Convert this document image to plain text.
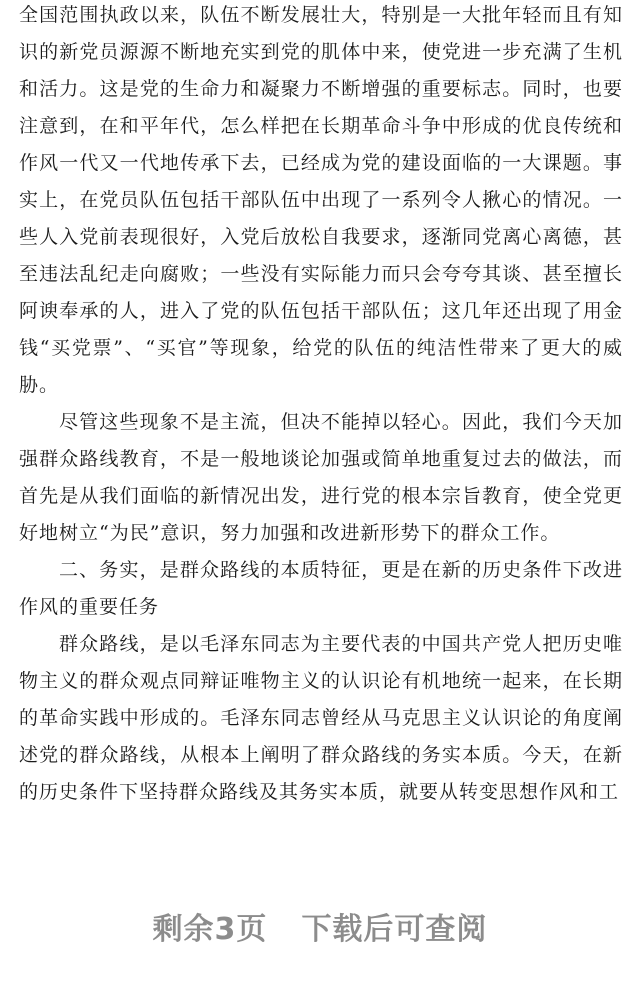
全国范围执政以来，队伍不断发展壮大，特别是一大批年轻而且有知识的新党员源源不断地充实到党的肌体中来，使党进一步充满了生机和活力。这是党的生命力和凝聚力不断增强的重要标志。同时，也要注意到，在和平年代，怎么样把在长期革命斗争中形成的优良传统和作风一代又一代地传承下去，已经成为党的建设面临的一大课题。事实上，在党员队伍包括干部队伍中出现了一系列令人揪心的情况。一些人入党前表现很好，入党后放松自我要求，逐渐同党离心离德，甚至违法乱纪走向腐败；一些没有实际能力而只会夸夸其谈、甚至擅长阿谀奉承的人，进入了党的队伍包括干部队伍；这几年还出现了用金钱“买党票”、“买官”等现象，给党的队伍的纯洁性带来了更大的威胁。

尽管这些现象不是主流，但决不能掉以轻心。因此，我们今天加强群众路线教育，不是一般地谈论加强或简单地重复过去的做法，而首先是从我们面临的新情况出发，进行党的根本宗旨教育，使全党更好地树立“为民”意识，努力加强和改进新形势下的群众工作。

二、务实，是群众路线的本质特征，更是在新的历史条件下改进作风的重要任务

群众路线，是以毛泽东同志为主要代表的中国共产党人把历史唯物主义的群众观点同辩证唯物主义的认识论有机地统一起来，在长期的革命实践中形成的。毛泽东同志曾经从马克思主义认识论的角度阐述党的群众路线，从根本上阐明了群众路线的务实本质。今天，在新的历史条件下坚持群众路线及其务实本质，就要从转变思想作风和工

剩余3页 下载后可查阅
